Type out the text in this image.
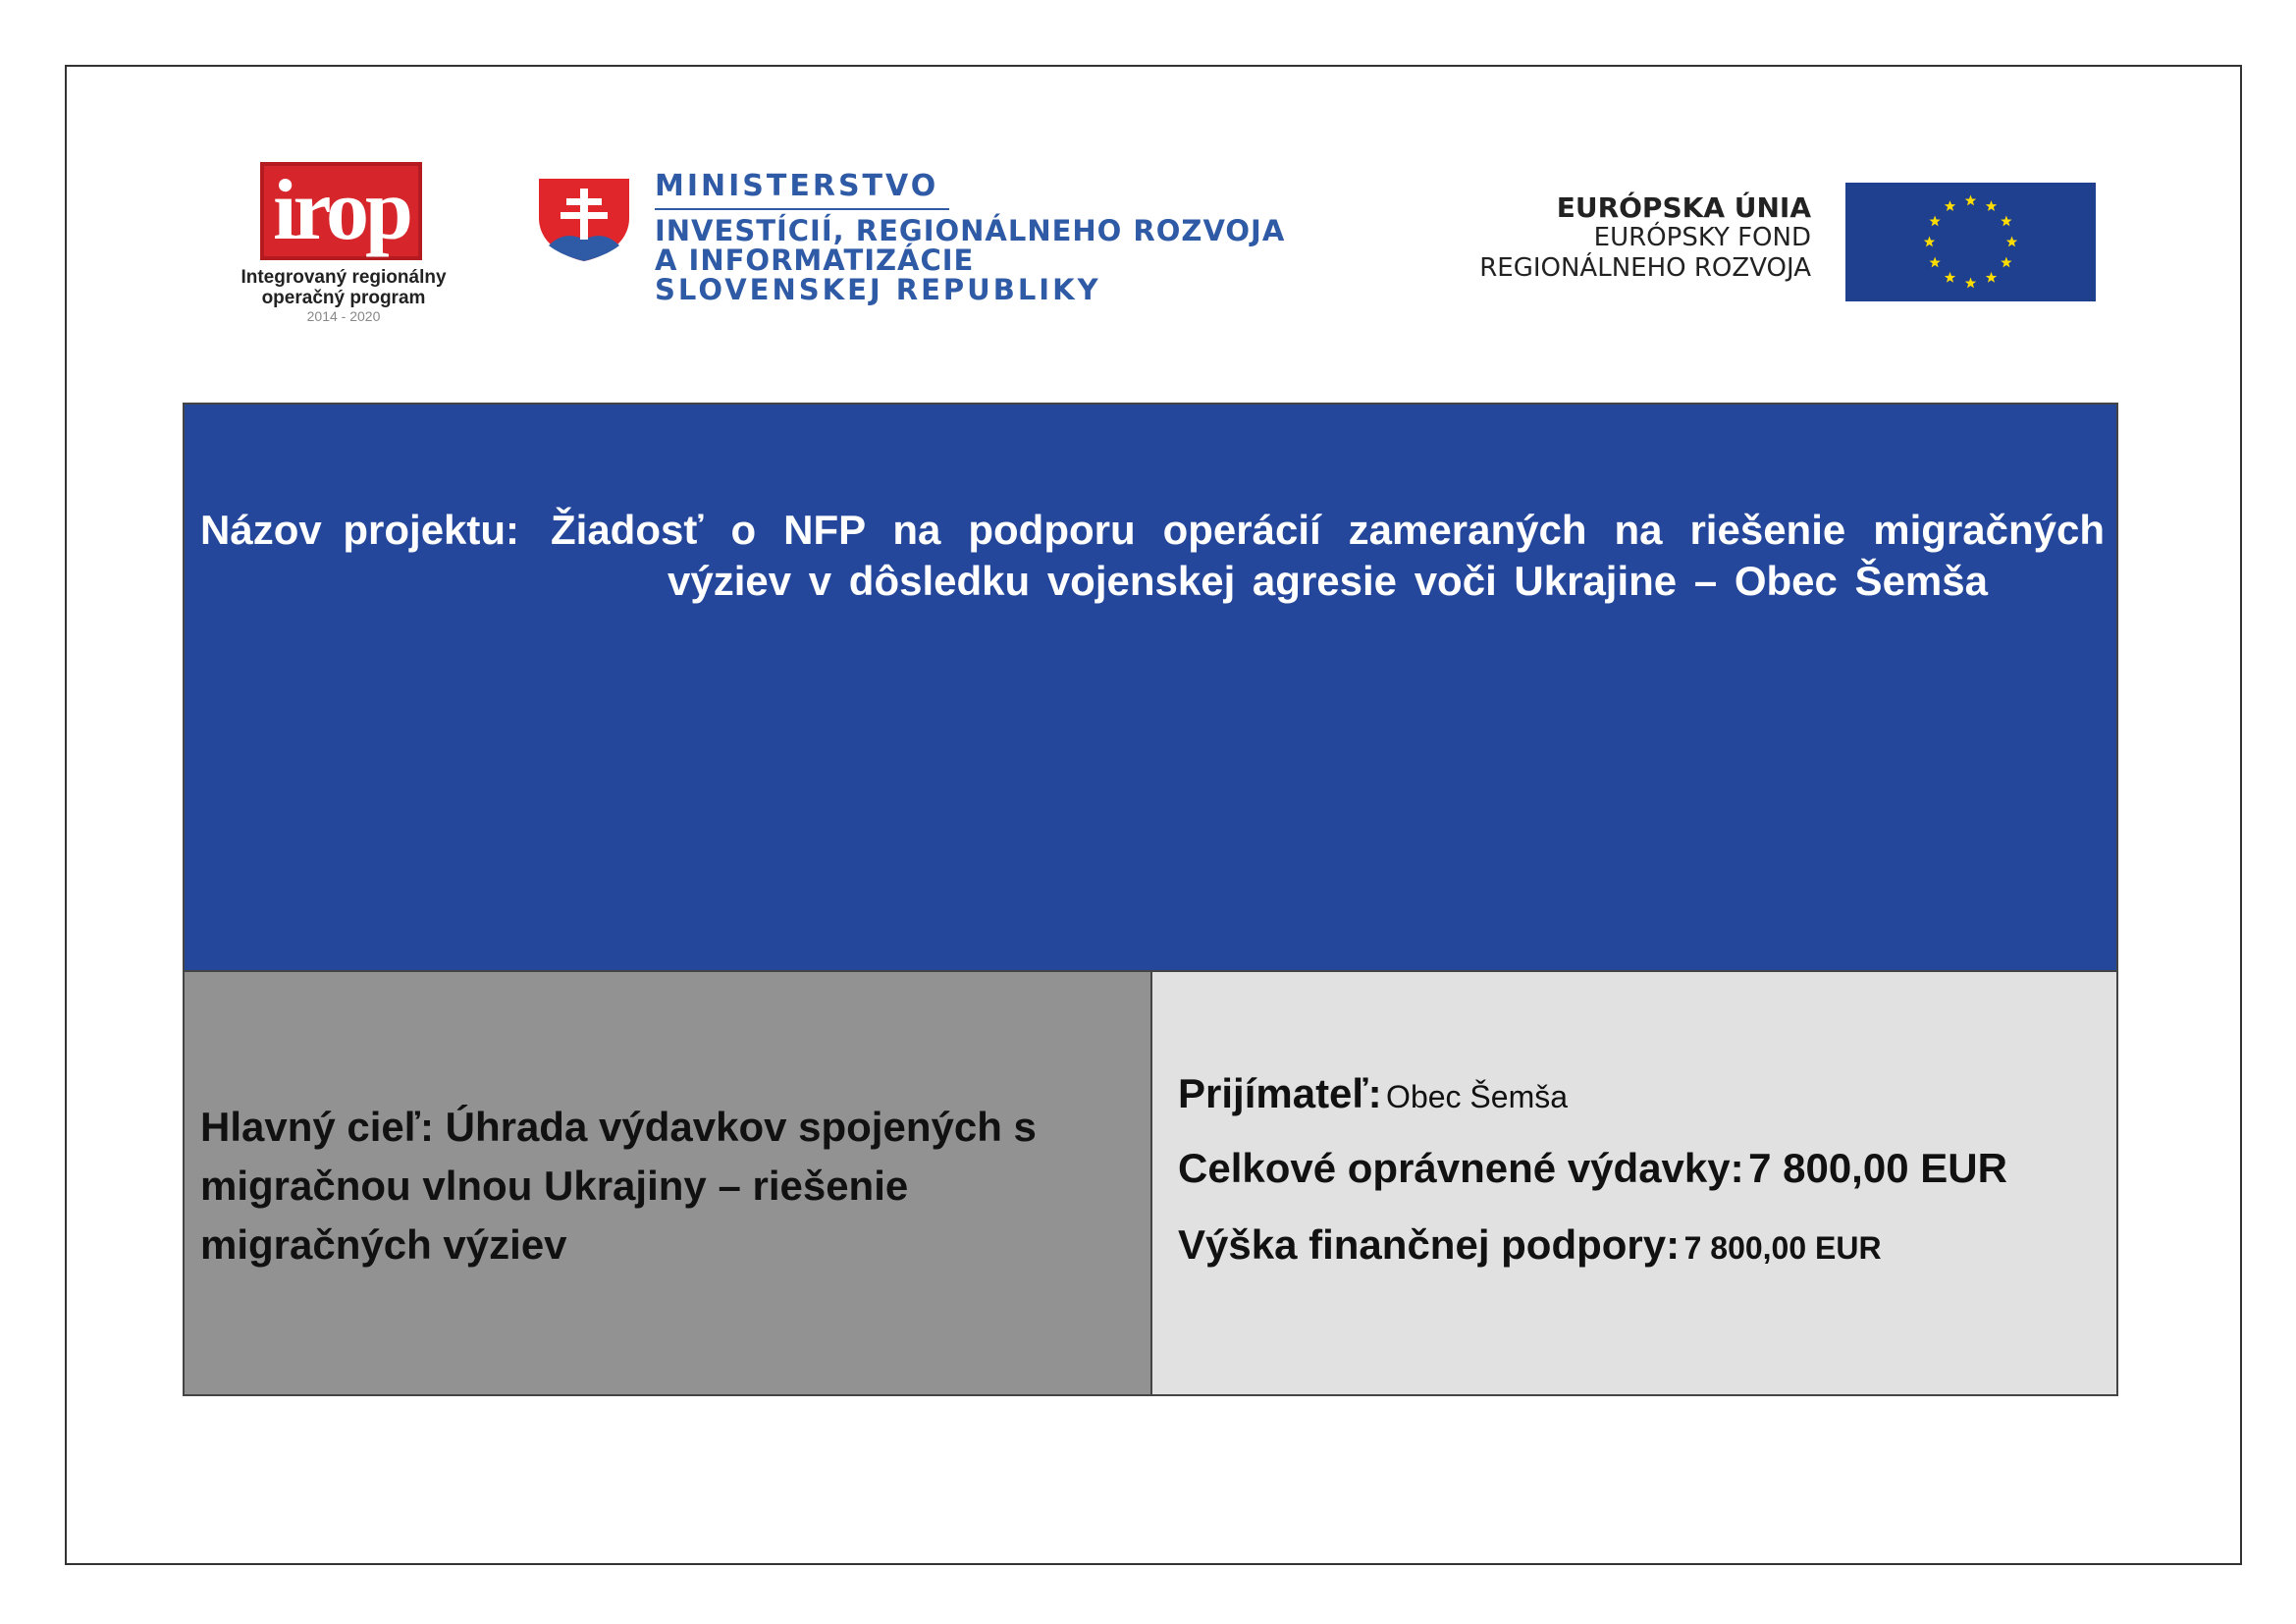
irop
Integrovaný regionálny
operačný program
2014 - 2020
MINISTERSTVO
INVESTÍCIÍ, REGIONÁLNEHO ROZVOJA
A INFORMATIZÁCIE
SLOVENSKEJ REPUBLIKY
EURÓPSKA ÚNIA
EURÓPSKY FOND
REGIONÁLNEHO ROZVOJA
Názov projektu: Žiadosť o NFP na podporu operácií zameraných na riešenie migračných výziev v dôsledku vojenskej agresie voči Ukrajine – Obec Šemša
Hlavný cieľ: Úhrada výdavkov spojených s migračnou vlnou Ukrajiny – riešenie migračných výziev
Prijímateľ: Obec Šemša
Celkové oprávnené výdavky: 7 800,00 EUR
Výška finančnej podpory: 7 800,00 EUR
